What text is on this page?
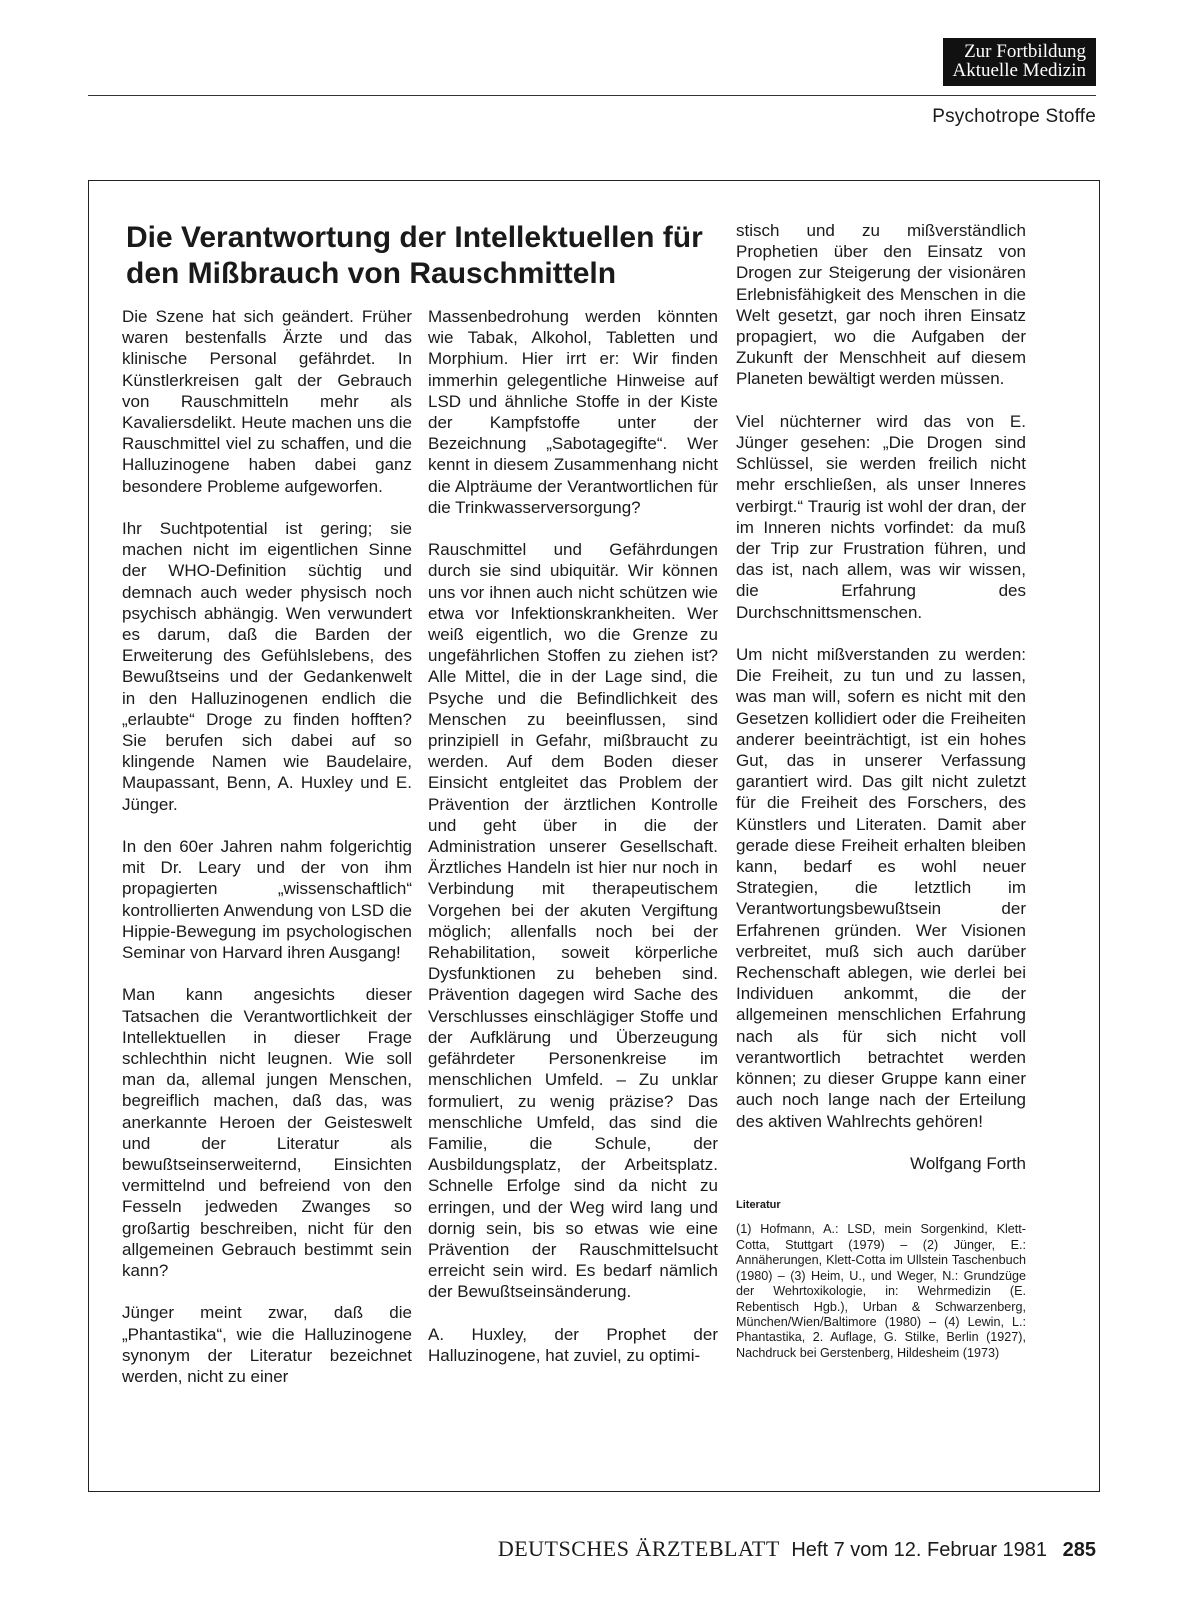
Zur Fortbildung
Aktuelle Medizin
Psychotrope Stoffe
Die Verantwortung der Intellektuellen für den Mißbrauch von Rauschmitteln

Die Szene hat sich geändert. Früher waren bestenfalls Ärzte und das klinische Personal gefährdet. In Künstlerkreisen galt der Gebrauch von Rauschmitteln mehr als Kavaliersdelikt. Heute machen uns die Rauschmittel viel zu schaffen, und die Halluzinogene haben dabei ganz besondere Probleme aufgeworfen.

Ihr Suchtpotential ist gering; sie machen nicht im eigentlichen Sinne der WHO-Definition süchtig und demnach auch weder physisch noch psychisch abhängig. Wen verwundert es darum, daß die Barden der Erweiterung des Gefühlslebens, des Bewußtseins und der Gedankenwelt in den Halluzinogenen endlich die „erlaubte“ Droge zu finden hofften? Sie berufen sich dabei auf so klingende Namen wie Baudelaire, Maupassant, Benn, A. Huxley und E. Jünger.

In den 60er Jahren nahm folgerichtig mit Dr. Leary und der von ihm propagierten „wissenschaftlich“ kontrollierten Anwendung von LSD die Hippie-Bewegung im psychologischen Seminar von Harvard ihren Ausgang!

Man kann angesichts dieser Tatsachen die Verantwortlichkeit der Intellektuellen in dieser Frage schlechthin nicht leugnen. Wie soll man da, allemal jungen Menschen, begreiflich machen, daß das, was anerkannte Heroen der Geisteswelt und der Literatur als bewußtseinserweiternd, Einsichten vermittelnd und befreiend von den Fesseln jedweden Zwanges so großartig beschreiben, nicht für den allgemeinen Gebrauch bestimmt sein kann?

Jünger meint zwar, daß die „Phantastika“, wie die Halluzinogene synonym der Literatur bezeichnet werden, nicht zu einer

Massenbedrohung werden könnten wie Tabak, Alkohol, Tabletten und Morphium. Hier irrt er: Wir finden immerhin gelegentliche Hinweise auf LSD und ähnliche Stoffe in der Kiste der Kampfstoffe unter der Bezeichnung „Sabotagegifte“. Wer kennt in diesem Zusammenhang nicht die Alpträume der Verantwortlichen für die Trinkwasserversorgung?

Rauschmittel und Gefährdungen durch sie sind ubiquitär. Wir können uns vor ihnen auch nicht schützen wie etwa vor Infektionskrankheiten. Wer weiß eigentlich, wo die Grenze zu ungefährlichen Stoffen zu ziehen ist? Alle Mittel, die in der Lage sind, die Psyche und die Befindlichkeit des Menschen zu beeinflussen, sind prinzipiell in Gefahr, mißbraucht zu werden. Auf dem Boden dieser Einsicht entgleitet das Problem der Prävention der ärztlichen Kontrolle und geht über in die der Administration unserer Gesellschaft. Ärztliches Handeln ist hier nur noch in Verbindung mit therapeutischem Vorgehen bei der akuten Vergiftung möglich; allenfalls noch bei der Rehabilitation, soweit körperliche Dysfunktionen zu beheben sind. Prävention dagegen wird Sache des Verschlusses einschlägiger Stoffe und der Aufklärung und Überzeugung gefährdeter Personenkreise im menschlichen Umfeld. – Zu unklar formuliert, zu wenig präzise? Das menschliche Umfeld, das sind die Familie, die Schule, der Ausbildungsplatz, der Arbeitsplatz. Schnelle Erfolge sind da nicht zu erringen, und der Weg wird lang und dornig sein, bis so etwas wie eine Prävention der Rauschmittelsucht erreicht sein wird. Es bedarf nämlich der Bewußtseinsänderung.

A. Huxley, der Prophet der Halluzinogene, hat zuviel, zu optimi-

stisch und zu mißverständlich Prophetien über den Einsatz von Drogen zur Steigerung der visionären Erlebnisfähigkeit des Menschen in die Welt gesetzt, gar noch ihren Einsatz propagiert, wo die Aufgaben der Zukunft der Menschheit auf diesem Planeten bewältigt werden müssen.

Viel nüchterner wird das von E. Jünger gesehen: „Die Drogen sind Schlüssel, sie werden freilich nicht mehr erschließen, als unser Inneres verbirgt.“ Traurig ist wohl der dran, der im Inneren nichts vorfindet: da muß der Trip zur Frustration führen, und das ist, nach allem, was wir wissen, die Erfahrung des Durchschnittsmenschen.

Um nicht mißverstanden zu werden: Die Freiheit, zu tun und zu lassen, was man will, sofern es nicht mit den Gesetzen kollidiert oder die Freiheiten anderer beeinträchtigt, ist ein hohes Gut, das in unserer Verfassung garantiert wird. Das gilt nicht zuletzt für die Freiheit des Forschers, des Künstlers und Literaten. Damit aber gerade diese Freiheit erhalten bleiben kann, bedarf es wohl neuer Strategien, die letztlich im Verantwortungsbewußtsein der Erfahrenen gründen. Wer Visionen verbreitet, muß sich auch darüber Rechenschaft ablegen, wie derlei bei Individuen ankommt, die der allgemeinen menschlichen Erfahrung nach als für sich nicht voll verantwortlich betrachtet werden können; zu dieser Gruppe kann einer auch noch lange nach der Erteilung des aktiven Wahlrechts gehören!

Wolfgang Forth

Literatur

(1) Hofmann, A.: LSD, mein Sorgenkind, Klett-Cotta, Stuttgart (1979) – (2) Jünger, E.: Annäherungen, Klett-Cotta im Ullstein Taschenbuch (1980) – (3) Heim, U., und Weger, N.: Grundzüge der Wehrtoxikologie, in: Wehrmedizin (E. Rebentisch Hgb.), Urban & Schwarzenberg, München/Wien/Baltimore (1980) – (4) Lewin, L.: Phantastika, 2. Auflage, G. Stilke, Berlin (1927), Nachdruck bei Gerstenberg, Hildesheim (1973)

DEUTSCHES ÄRZTEBLATT Heft 7 vom 12. Februar 1981 285
